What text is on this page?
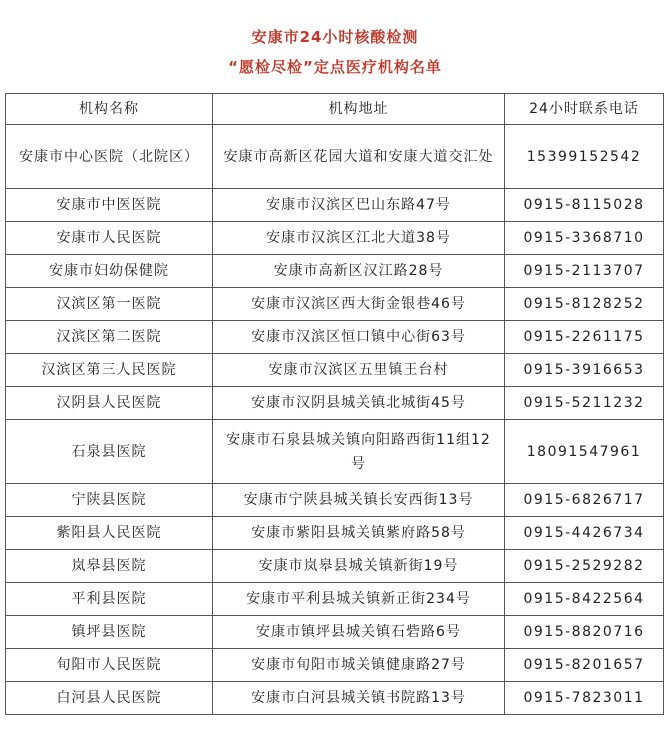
安康市24小时核酸检测
“愿检尽检”定点医疗机构名单
机构名称	机构地址	24小时联系电话
安康市中心医院（北院区）	安康市高新区花园大道和安康大道交汇处	15399152542
安康市中医医院	安康市汉滨区巴山东路47号	0915-8115028
安康市人民医院	安康市汉滨区江北大道38号	0915-3368710
安康市妇幼保健院	安康市高新区汉江路28号	0915-2113707
汉滨区第一医院	安康市汉滨区西大街金银巷46号	0915-8128252
汉滨区第二医院	安康市汉滨区恒口镇中心街63号	0915-2261175
汉滨区第三人民医院	安康市汉滨区五里镇王台村	0915-3916653
汉阴县人民医院	安康市汉阴县城关镇北城街45号	0915-5211232
石泉县医院	安康市石泉县城关镇向阳路西街11组12号	18091547961
宁陕县医院	安康市宁陕县城关镇长安西街13号	0915-6826717
紫阳县人民医院	安康市紫阳县城关镇紫府路58号	0915-4426734
岚皋县医院	安康市岚皋县城关镇新街19号	0915-2529282
平利县医院	安康市平利县城关镇新正街234号	0915-8422564
镇坪县医院	安康市镇坪县城关镇石砦路6号	0915-8820716
旬阳市人民医院	安康市旬阳市城关镇健康路27号	0915-8201657
白河县人民医院	安康市白河县城关镇书院路13号	0915-7823011
